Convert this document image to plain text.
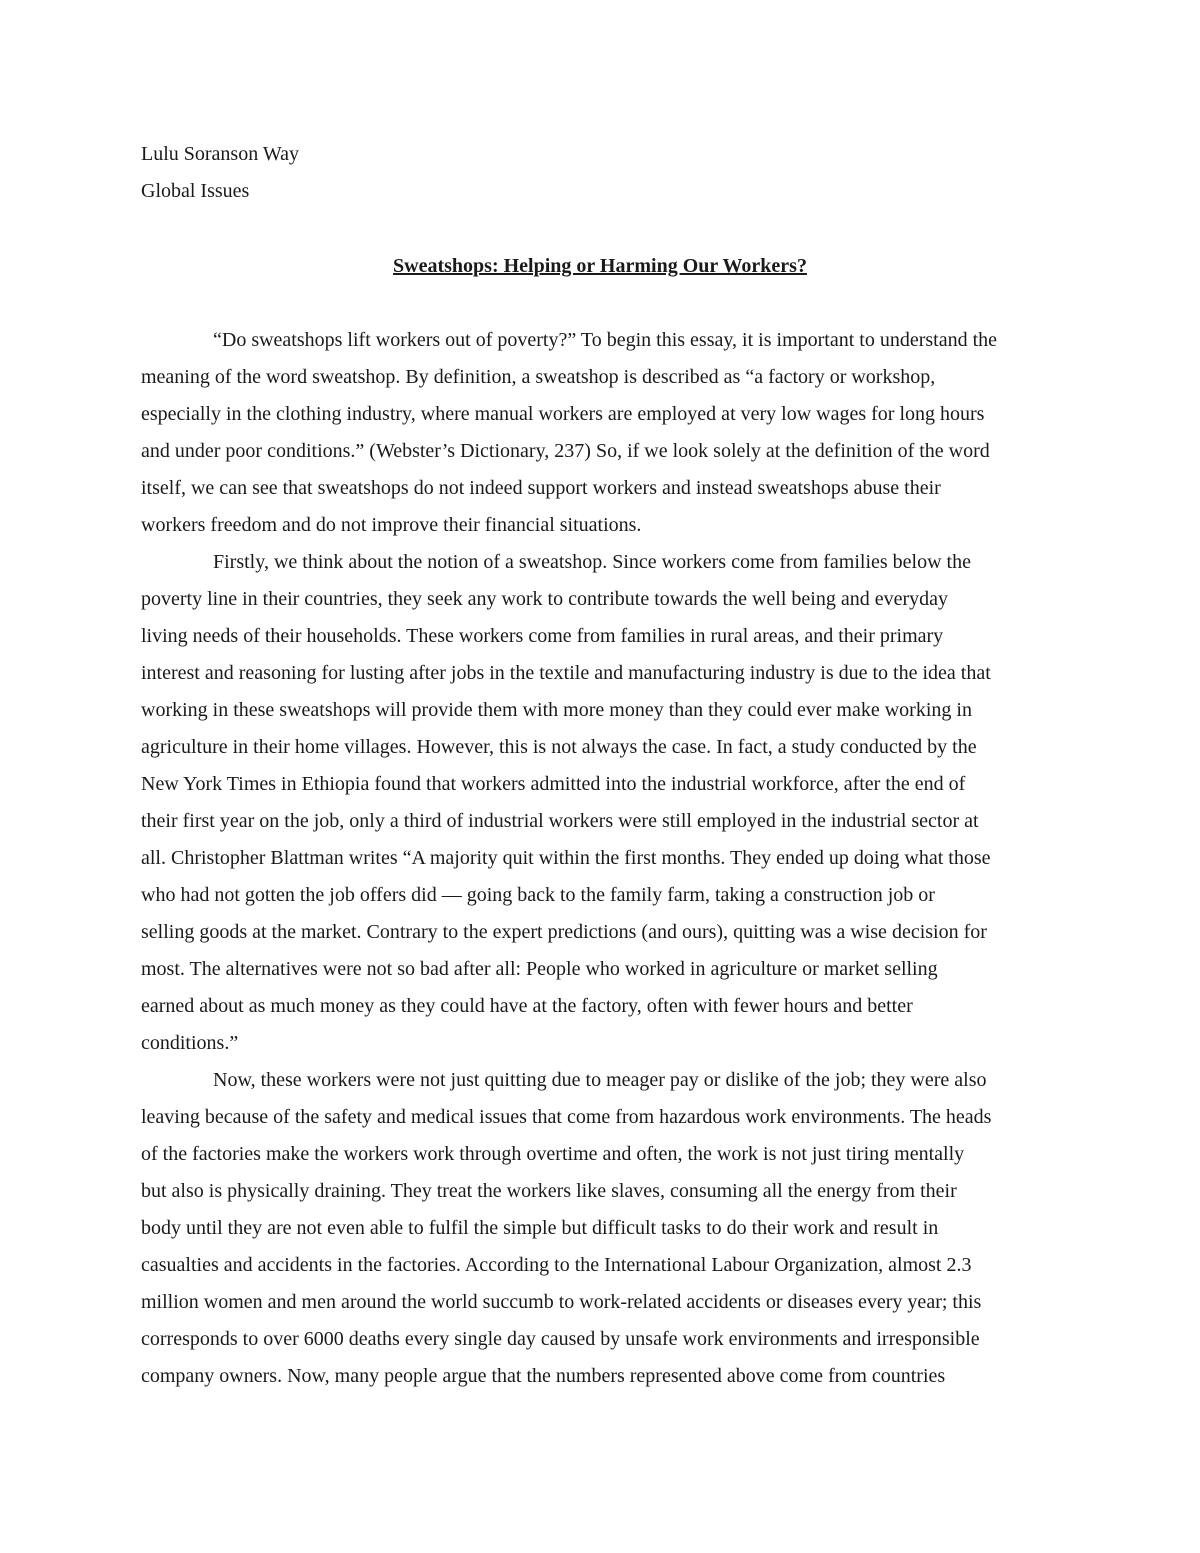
Lulu Soranson Way
Global Issues
Sweatshops: Helping or Harming Our Workers?

“Do sweatshops lift workers out of poverty?” To begin this essay, it is important to understand the
meaning of the word sweatshop. By definition, a sweatshop is described as “a factory or workshop,
especially in the clothing industry, where manual workers are employed at very low wages for long hours
and under poor conditions.” (Webster’s Dictionary, 237) So, if we look solely at the definition of the word
itself, we can see that sweatshops do not indeed support workers and instead sweatshops abuse their
workers freedom and do not improve their financial situations.

Firstly, we think about the notion of a sweatshop. Since workers come from families below the
poverty line in their countries, they seek any work to contribute towards the well being and everyday
living needs of their households. These workers come from families in rural areas, and their primary
interest and reasoning for lusting after jobs in the textile and manufacturing industry is due to the idea that
working in these sweatshops will provide them with more money than they could ever make working in
agriculture in their home villages. However, this is not always the case. In fact, a study conducted by the
New York Times in Ethiopia found that workers admitted into the industrial workforce, after the end of
their first year on the job, only a third of industrial workers were still employed in the industrial sector at
all. Christopher Blattman writes “A majority quit within the first months. They ended up doing what those
who had not gotten the job offers did — going back to the family farm, taking a construction job or
selling goods at the market. Contrary to the expert predictions (and ours), quitting was a wise decision for
most. The alternatives were not so bad after all: People who worked in agriculture or market selling
earned about as much money as they could have at the factory, often with fewer hours and better
conditions.”

Now, these workers were not just quitting due to meager pay or dislike of the job; they were also
leaving because of the safety and medical issues that come from hazardous work environments. The heads
of the factories make the workers work through overtime and often, the work is not just tiring mentally
but also is physically draining. They treat the workers like slaves, consuming all the energy from their
body until they are not even able to fulfil the simple but difficult tasks to do their work and result in
casualties and accidents in the factories. According to the International Labour Organization, almost 2.3
million women and men around the world succumb to work-related accidents or diseases every year; this
corresponds to over 6000 deaths every single day caused by unsafe work environments and irresponsible
company owners. Now, many people argue that the numbers represented above come from countries
